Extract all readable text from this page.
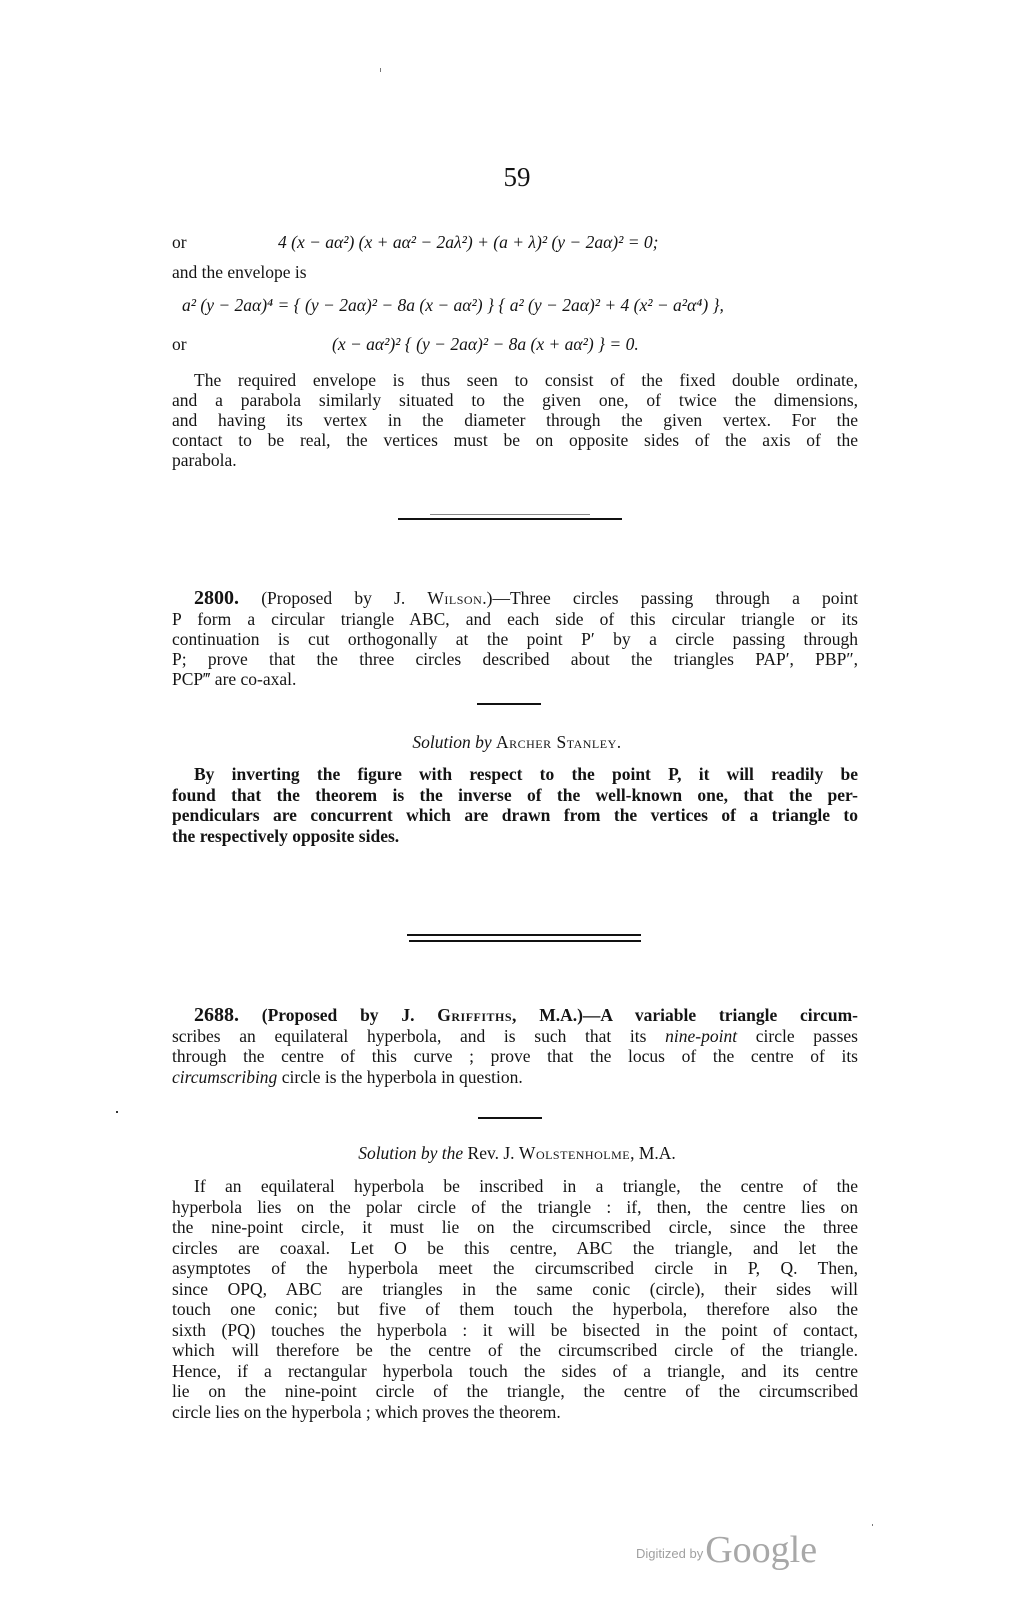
59
or	4 (x − aα²) (x + aα² − 2aλ²) + (a + λ)² (y − 2aα)² = 0;
and the envelope is
a² (y − 2aα)⁴ = { (y − 2aα)² − 8a (x − aα²) } { a² (y − 2aα)² + 4 (x² − a²α⁴) },
or	(x − aα²)² { (y − 2aα)² − 8a (x + aα²) } = 0.
The required envelope is thus seen to consist of the fixed double ordinate,
and a parabola similarly situated to the given one, of twice the dimensions,
and having its vertex in the diameter through the given vertex. For the
contact to be real, the vertices must be on opposite sides of the axis of the
parabola.
2800. (Proposed by J. Wilson.)—Three circles passing through a point
P form a circular triangle ABC, and each side of this circular triangle or its
continuation is cut orthogonally at the point P′ by a circle passing through
P; prove that the three circles described about the triangles PAP′, PBP″,
PCP‴ are co-axal.
Solution by Archer Stanley.
By inverting the figure with respect to the point P, it will readily be
found that the theorem is the inverse of the well-known one, that the per-
pendiculars are concurrent which are drawn from the vertices of a triangle to
the respectively opposite sides.
2688. (Proposed by J. Griffiths, M.A.)—A variable triangle circum-
scribes an equilateral hyperbola, and is such that its nine-point circle passes
through the centre of this curve ; prove that the locus of the centre of its
circumscribing circle is the hyperbola in question.
Solution by the Rev. J. Wolstenholme, M.A.
If an equilateral hyperbola be inscribed in a triangle, the centre of the
hyperbola lies on the polar circle of the triangle : if, then, the centre lies on
the nine-point circle, it must lie on the circumscribed circle, since the three
circles are coaxal. Let O be this centre, ABC the triangle, and let the
asymptotes of the hyperbola meet the circumscribed circle in P, Q. Then,
since OPQ, ABC are triangles in the same conic (circle), their sides will
touch one conic; but five of them touch the hyperbola, therefore also the
sixth (PQ) touches the hyperbola : it will be bisected in the point of contact,
which will therefore be the centre of the circumscribed circle of the triangle.
Hence, if a rectangular hyperbola touch the sides of a triangle, and its centre
lie on the nine-point circle of the triangle, the centre of the circumscribed
circle lies on the hyperbola ; which proves the theorem.
Digitized byGoogle
